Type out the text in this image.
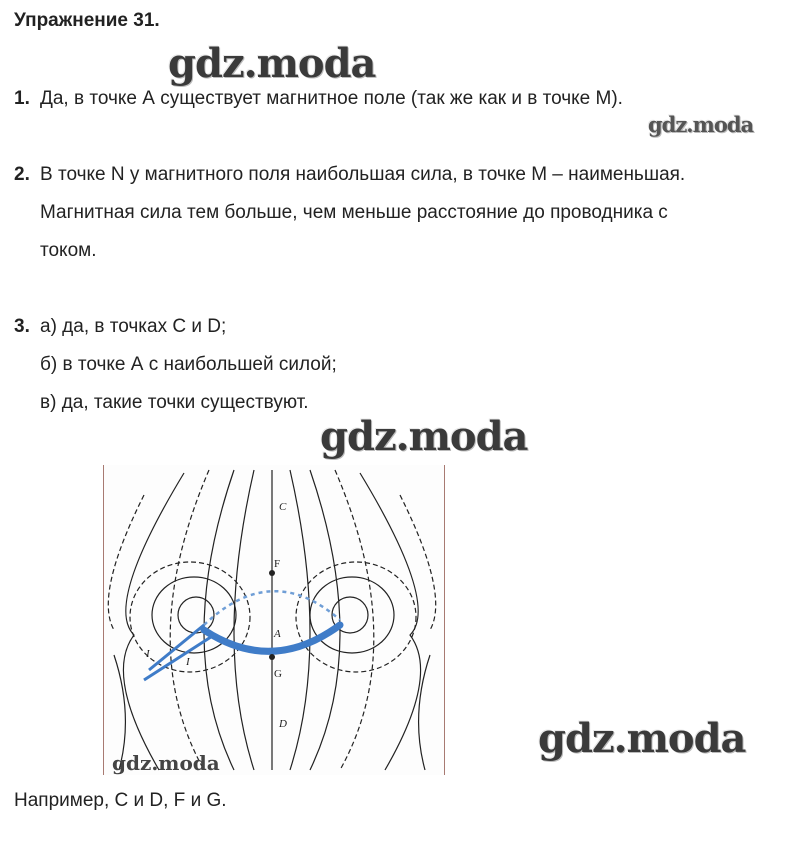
Упражнение 31.
gdz.moda
1. Да, в точке А существует магнитное поле (так же как и в точке М).
gdz.moda
2. В точке N у магнитного поля наибольшая сила, в точке M – наименьшая.
Магнитная сила тем больше, чем меньше расстояние до проводника с
током.
3. а) да, в точках С и D;
б) в точке А с наибольшей силой;
в) да, такие точки существуют.
gdz.moda
C
F
A
G
D
I
I
gdz.moda
gdz.moda
Например, С и D, F и G.
